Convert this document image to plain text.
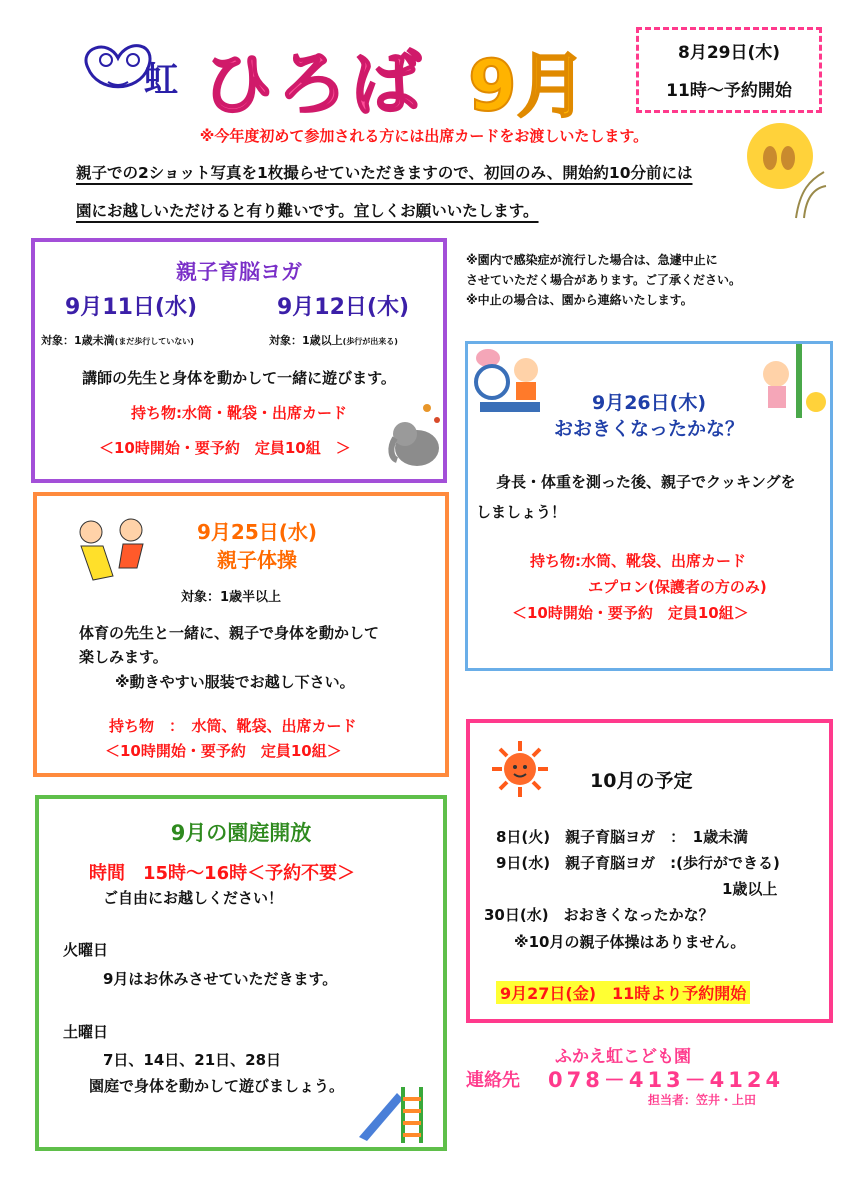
虹 ひろば 9月	8月29日(木)
11時～予約開始
※今年度初めて参加される方には出席カードをお渡しいたします。
親子での2ショット写真を1枚撮らせていただきますので、初回のみ、開始約10分前には
園にお越しいただけると有り難いです。宜しくお願いいたします。
親子育脳ヨガ
9月11日(水)	9月12日(木)
対象：1歳未満(まだ歩行していない)	対象：1歳以上(歩行が出来る)
講師の先生と身体を動かして一緒に遊びます。
持ち物:水筒・靴袋・出席カード
＜10時開始・要予約　定員10組　＞
※園内で感染症が流行した場合は、急遽中止に
させていただく場合があります。ご了承ください。
※中止の場合は、園から連絡いたします。
9月26日(木)
おおきくなったかな？
身長・体重を測った後、親子でクッキングを
しましょう！
持ち物:水筒、靴袋、出席カード
エプロン(保護者の方のみ)
＜10時開始・要予約　定員10組＞
9月25日(水)
親子体操
対象：1歳半以上
体育の先生と一緒に、親子で身体を動かして
楽しみます。
※動きやすい服装でお越し下さい。
持ち物　：　水筒、靴袋、出席カード
＜10時開始・要予約　定員10組＞
10月の予定
8日(火)　親子育脳ヨガ　：　1歳未満
9日(水)　親子育脳ヨガ　:(歩行ができる)
1歳以上
30日(水)　おおきくなったかな？
※10月の親子体操はありません。
9月27日(金)　11時より予約開始
9月の園庭開放
時間　15時～16時＜予約不要＞
ご自由にお越しください！
火曜日
9月はお休みさせていただきます。
土曜日
7日、14日、21日、28日
園庭で身体を動かして遊びましょう。
ふかえ虹こども園
連絡先 078－413－4124
担当者：笠井・上田
